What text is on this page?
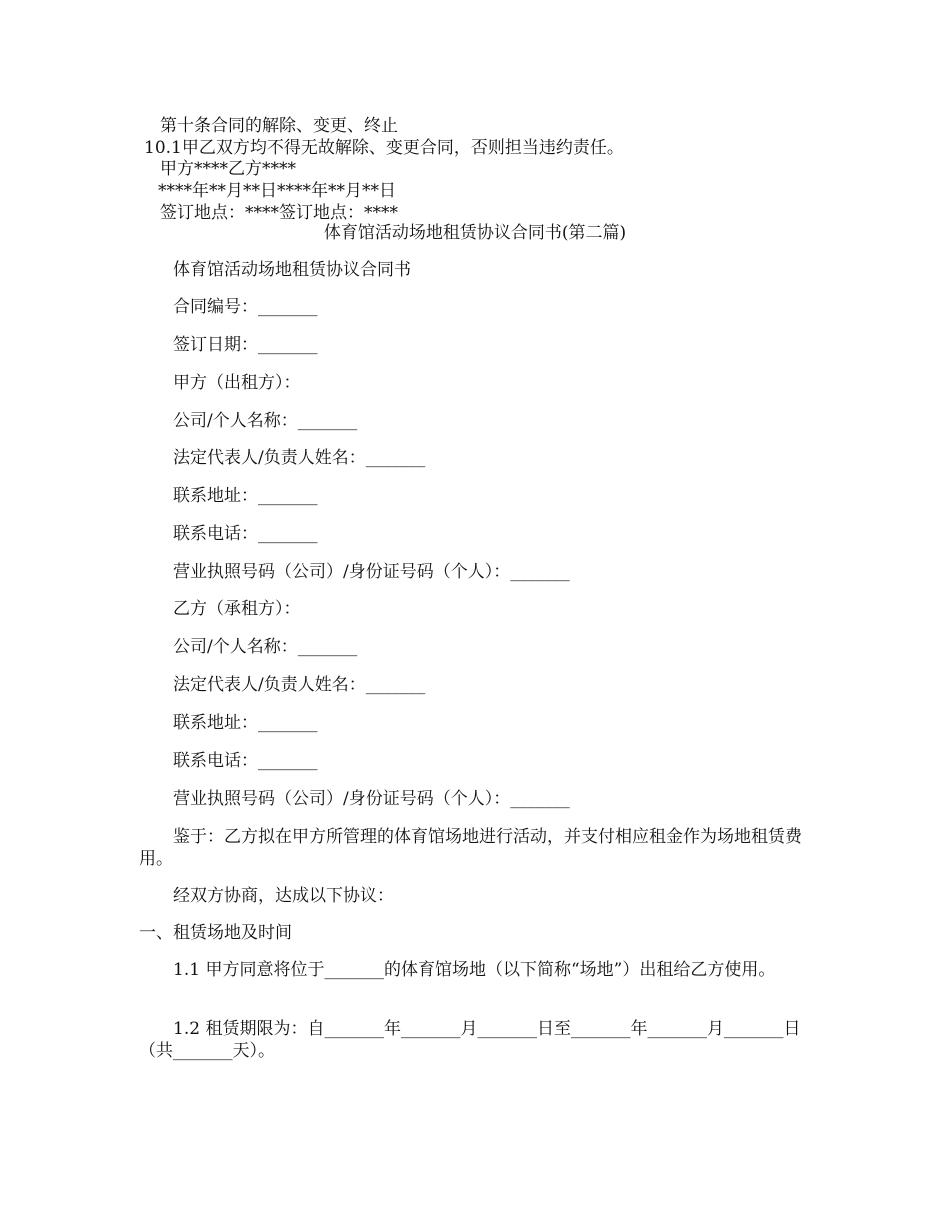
第十条合同的解除、变更、终止
10.1甲乙双方均不得无故解除、变更合同，否则担当违约责任。
甲方****乙方****
****年**月**日****年**月**日
签订地点：****签订地点：****
体育馆活动场地租赁协议合同书(第二篇)
体育馆活动场地租赁协议合同书
合同编号：_______
签订日期：_______
甲方（出租方）：
公司/个人名称：_______
法定代表人/负责人姓名：_______
联系地址：_______
联系电话：_______
营业执照号码（公司）/身份证号码（个人）：_______
乙方（承租方）：
公司/个人名称：_______
法定代表人/负责人姓名：_______
联系地址：_______
联系电话：_______
营业执照号码（公司）/身份证号码（个人）：_______
鉴于：乙方拟在甲方所管理的体育馆场地进行活动，并支付相应租金作为场地租赁费用。
经双方协商，达成以下协议：
一、租赁场地及时间
1.1 甲方同意将位于_______的体育馆场地（以下简称“场地”）出租给乙方使用。
1.2 租赁期限为：自_______年_______月_______日至_______年_______月_______日（共_______天）。
